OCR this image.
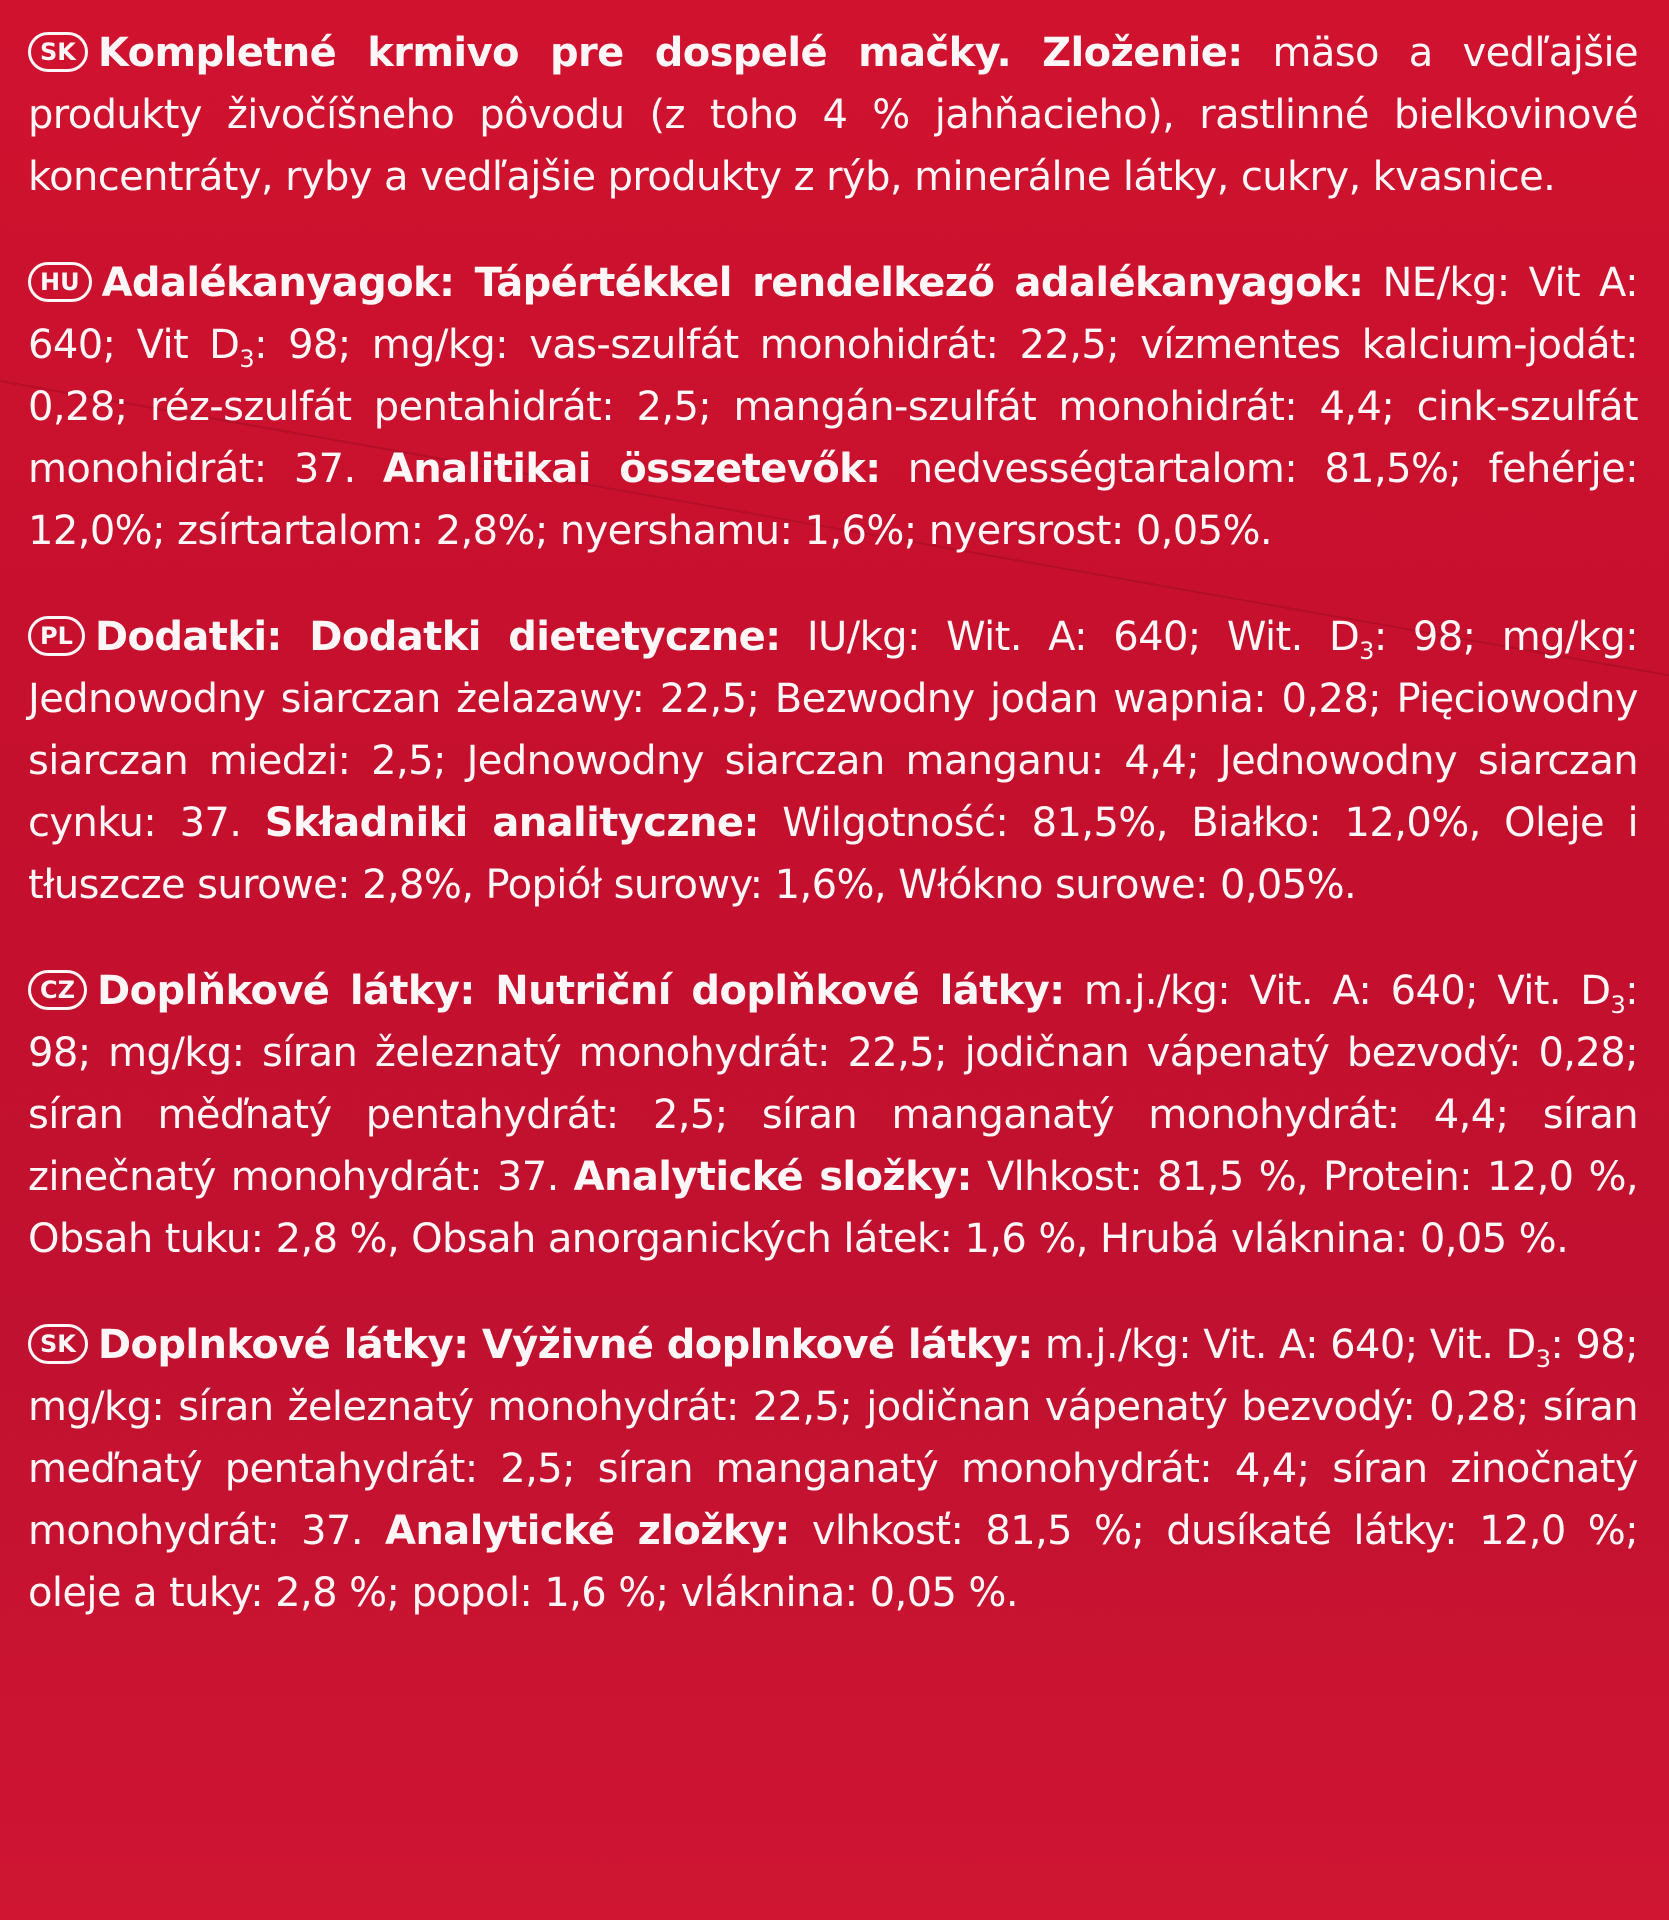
SK Kompletné krmivo pre dospelé mačky. Zloženie: mäso a vedľajšie produkty živočíšneho pôvodu (z toho 4 % jahňacieho), rastlinné bielkovinové koncentráty, ryby a vedľajšie produkty z rýb, minerálne látky, cukry, kvasnice.

HU Adalékanyagok: Tápértékkel rendelkező adalékanyagok: NE/kg: Vit A: 640; Vit $D_3$: 98; mg/kg: vas-szulfát monohidrát: 22,5; vízmentes kalcium-jodát: 0,28; réz-szulfát pentahidrát: 2,5; mangán-szulfát monohidrát: 4,4; cink-szulfát monohidrát: 37. Analitikai összetevők: nedvességtartalom: 81,5%; fehérje: 12,0%; zsírtartalom: 2,8%; nyershamu: 1,6%; nyersrost: 0,05%.

PL Dodatki: Dodatki dietetyczne: IU/kg: Wit. A: 640; Wit. $D_3$: 98; mg/kg: Jednowodny siarczan żelazawy: 22,5; Bezwodny jodan wapnia: 0,28; Pięciowodny siarczan miedzi: 2,5; Jednowodny siarczan manganu: 4,4; Jednowodny siarczan cynku: 37. Składniki analityczne: Wilgotność: 81,5%, Białko: 12,0%, Oleje i tłuszcze surowe: 2,8%, Popiół surowy: 1,6%, Włókno surowe: 0,05%.

CZ Doplňkové látky: Nutriční doplňkové látky: m.j./kg: Vit. A: 640; Vit. $D_3$: 98; mg/kg: síran železnatý monohydrát: 22,5; jodičnan vápenatý bezvodý: 0,28; síran měďnatý pentahydrát: 2,5; síran manganatý monohydrát: 4,4; síran zinečnatý monohydrát: 37. Analytické složky: Vlhkost: 81,5 %, Protein: 12,0 %, Obsah tuku: 2,8 %, Obsah anorganických látek: 1,6 %, Hrubá vláknina: 0,05 %.

SK Doplnkové látky: Výživné doplnkové látky: m.j./kg: Vit. A: 640; Vit. $D_3$: 98; mg/kg: síran železnatý monohydrát: 22,5; jodičnan vápenatý bezvodý: 0,28; síran meďnatý pentahydrát: 2,5; síran manganatý monohydrát: 4,4; síran zinočnatý monohydrát: 37. Analytické zložky: vlhkosť: 81,5 %; dusíkaté látky: 12,0 %; oleje a tuky: 2,8 %; popol: 1,6 %; vláknina: 0,05 %.
